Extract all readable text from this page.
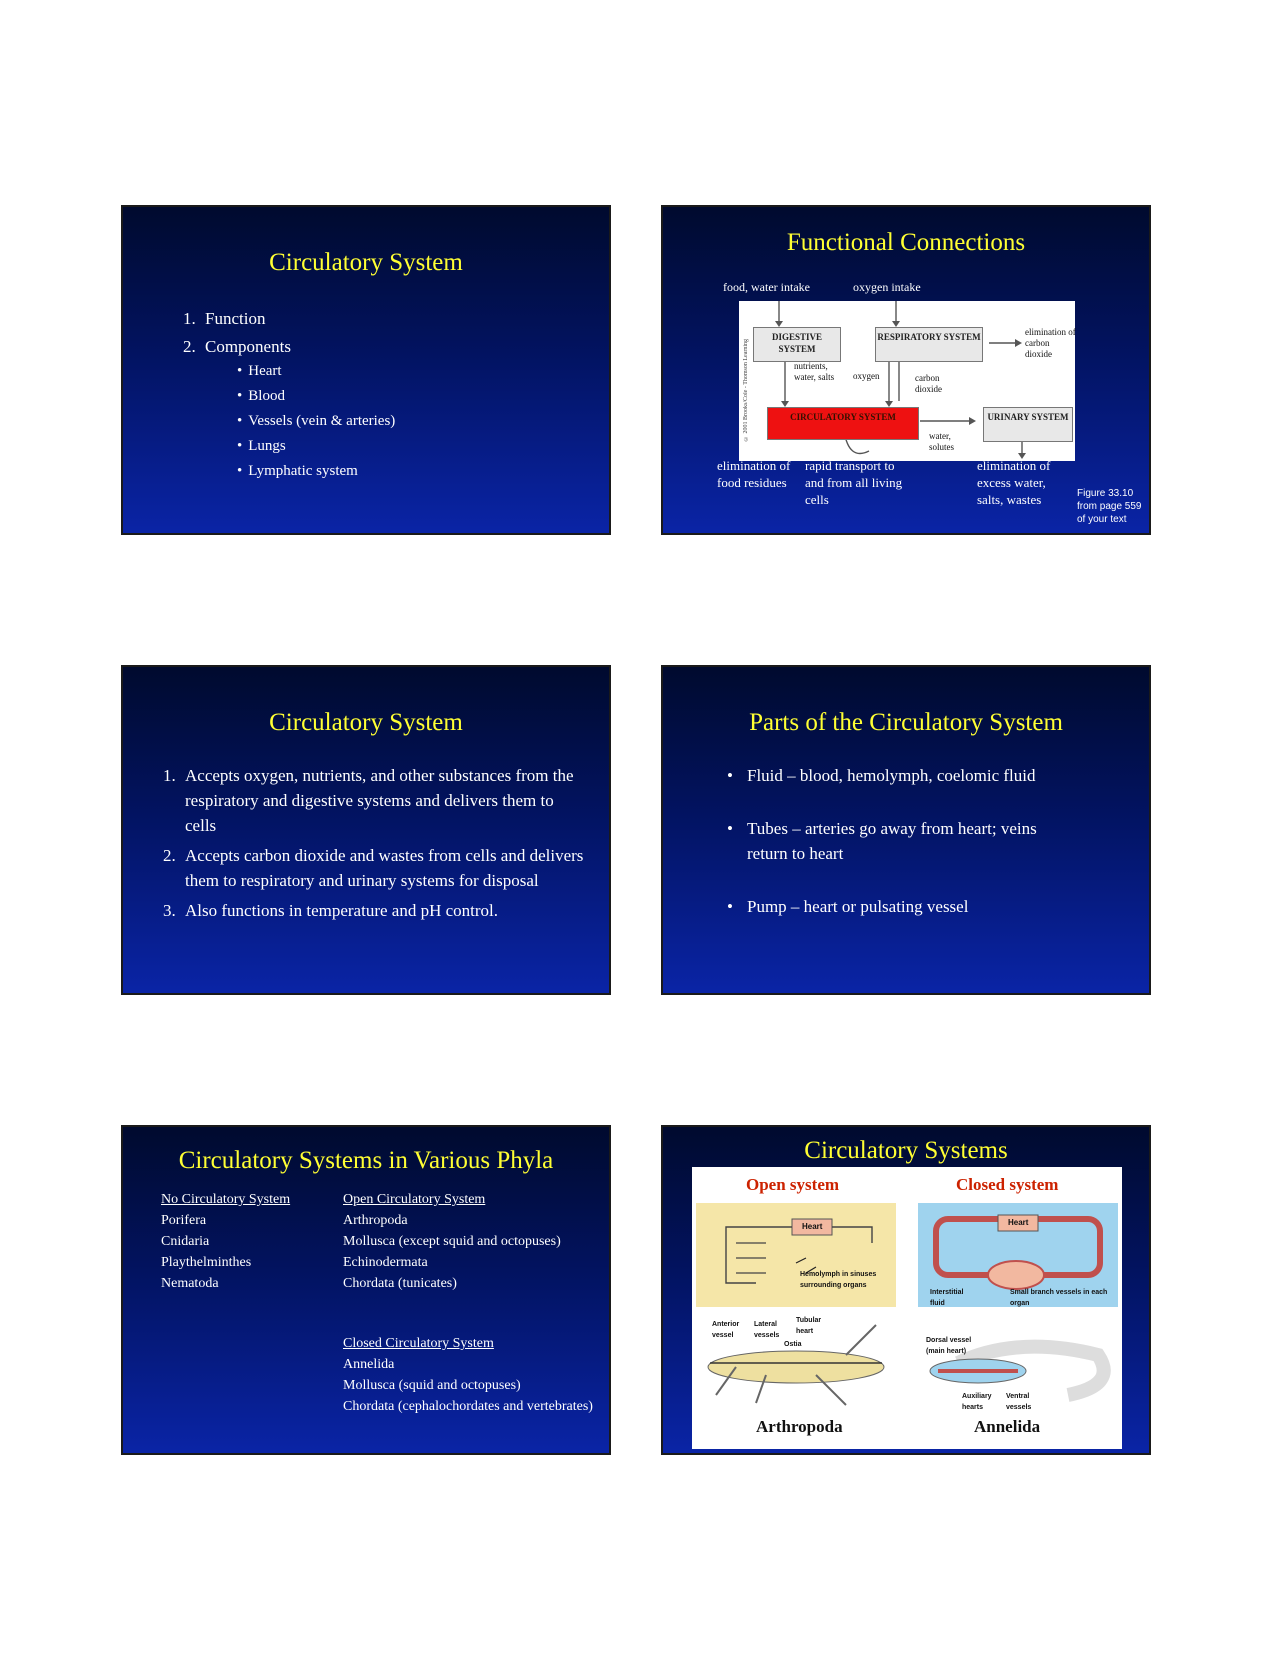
Circulatory System
1. Function
2. Components
• Heart
• Blood
• Vessels (vein & arteries)
• Lungs
• Lymphatic system
Functional Connections
food, water intake	oxygen intake
© 2001 Brooks/Cole - Thomson Learning
DIGESTIVE SYSTEM
RESPIRATORY SYSTEM
CIRCULATORY SYSTEM	URINARY SYSTEM
nutrients, water, salts	oxygen	carbon dioxide
water, solutes
elimination of carbon dioxide
elimination of food residues
rapid transport to and from all living cells
elimination of excess water, salts, wastes	Figure 33.10 from page 559 of your text
Circulatory System
1. Accepts oxygen, nutrients, and other substances from the respiratory and digestive systems and delivers them to cells
2. Accepts carbon dioxide and wastes from cells and delivers them to respiratory and urinary systems for disposal
3. Also functions in temperature and pH control.
Parts of the Circulatory System
• Fluid – blood, hemolymph, coelomic fluid
• Tubes – arteries go away from heart; veins return to heart
• Pump – heart or pulsating vessel
Circulatory Systems in Various Phyla
No Circulatory System
Porifera
Cnidaria
Playthelminthes
Nematoda
Open Circulatory System
Arthropoda
Mollusca (except squid and octopuses)
Echinodermata
Chordata (tunicates)
Closed Circulatory System
Annelida
Mollusca (squid and octopuses)
Chordata (cephalochordates and vertebrates)
Circulatory Systems
Open system	Closed system
Heart
Hemolymph in sinuses surrounding organs
Heart
Interstitial fluid
Small branch vessels in each organ
Anterior vessel
Lateral vessels
Tubular heart
Ostia
Dorsal vessel (main heart)
Auxiliary hearts
Ventral vessels
Arthropoda	Annelida
